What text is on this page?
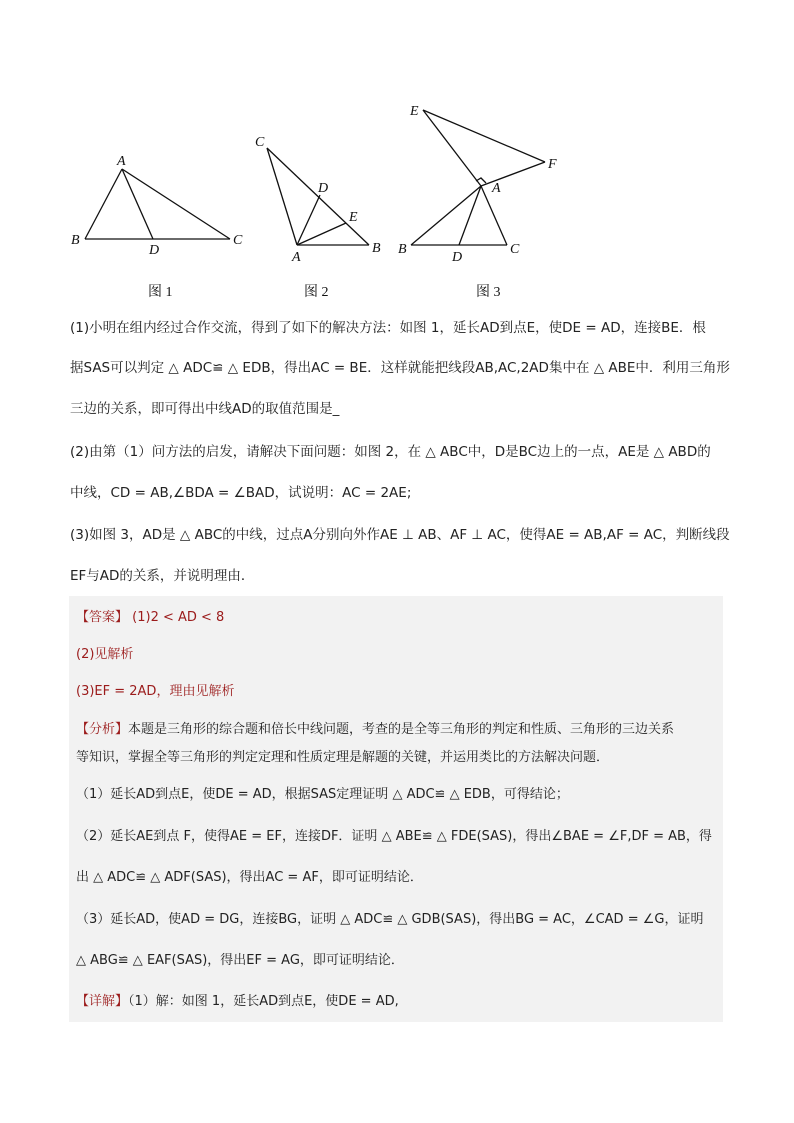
A
B
D
C
图 1
C
D
E
A
B
图 2
E
F
A
B
D
C
图 3
(1)小明在组内经过合作交流，得到了如下的解决方法：如图 1，延长AD到点E，使DE = AD，连接BE．根
据SAS可以判定 △ ADC≌ △ EDB，得出AC = BE．这样就能把线段AB,AC,2AD集中在 △ ABE中．利用三角形
三边的关系，即可得出中线AD的取值范围是_
(2)由第（1）问方法的启发，请解决下面问题：如图 2，在 △ ABC中，D是BC边上的一点，AE是 △ ABD的
中线，CD = AB,∠BDA = ∠BAD，试说明：AC = 2AE;
(3)如图 3，AD是 △ ABC的中线，过点A分别向外作AE ⊥ AB、AF ⊥ AC，使得AE = AB,AF = AC，判断线段
EF与AD的关系，并说明理由．
【答案】 (1)2 < AD < 8
(2)见解析
(3)EF = 2AD，理由见解析
【分析】本题是三角形的综合题和倍长中线问题，考查的是全等三角形的判定和性质、三角形的三边关系
等知识，掌握全等三角形的判定定理和性质定理是解题的关键，并运用类比的方法解决问题．
（1）延长AD到点E，使DE = AD，根据SAS定理证明 △ ADC≌ △ EDB，可得结论；
（2）延长AE到点 F，使得AE = EF，连接DF．证明 △ ABE≌ △ FDE(SAS)，得出∠BAE = ∠F,DF = AB，得
出 △ ADC≌ △ ADF(SAS)，得出AC = AF，即可证明结论．
（3）延长AD，使AD = DG，连接BG，证明 △ ADC≌ △ GDB(SAS)，得出BG = AC，∠CAD = ∠G，证明
△ ABG≌ △ EAF(SAS)，得出EF = AG，即可证明结论．
【详解】（1）解：如图 1，延长AD到点E，使DE = AD,
